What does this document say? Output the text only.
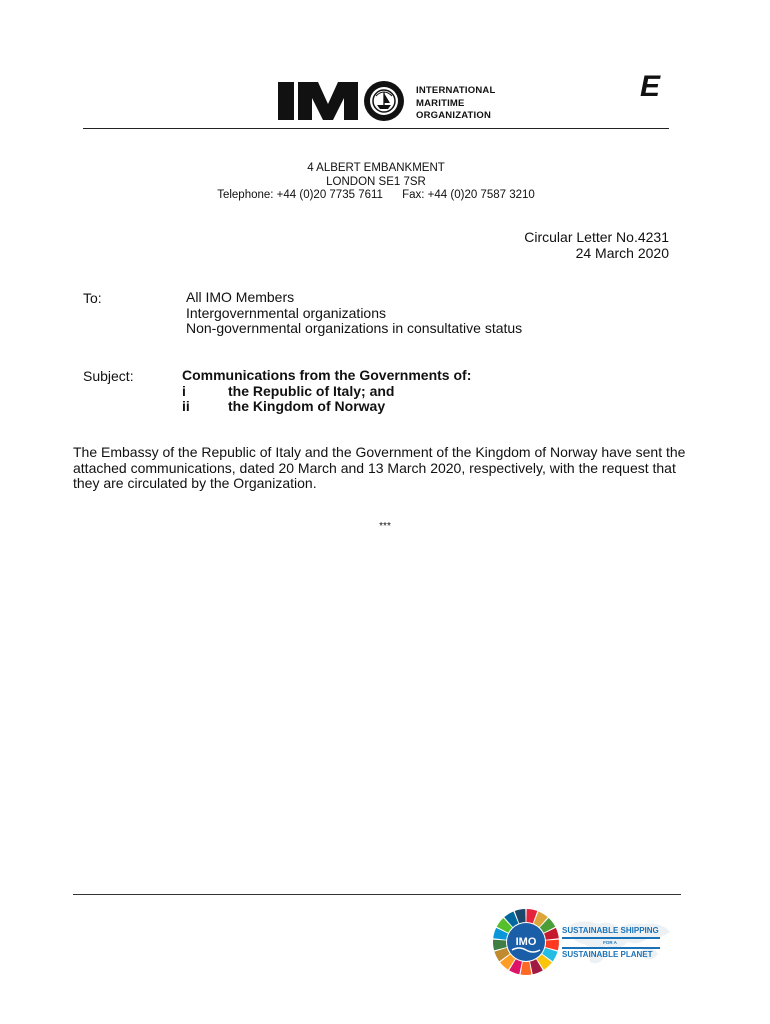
E
INTERNATIONAL
MARITIME
ORGANIZATION
4 ALBERT EMBANKMENT
LONDON SE1 7SR
Telephone: +44 (0)20 7735 7611 Fax: +44 (0)20 7587 3210
Circular Letter No.4231
24 March 2020
To:	All IMO Members
Intergovernmental organizations
Non-governmental organizations in consultative status
Subject:	Communications from the Governments of:
i	the Republic of Italy; and
ii	the Kingdom of Norway
The Embassy of the Republic of Italy and the Government of the Kingdom of Norway have sent the attached communications, dated 20 March and 13 March 2020, respectively, with the request that they are circulated by the Organization.
***
IMO
SUSTAINABLE SHIPPING
FOR A
SUSTAINABLE PLANET
